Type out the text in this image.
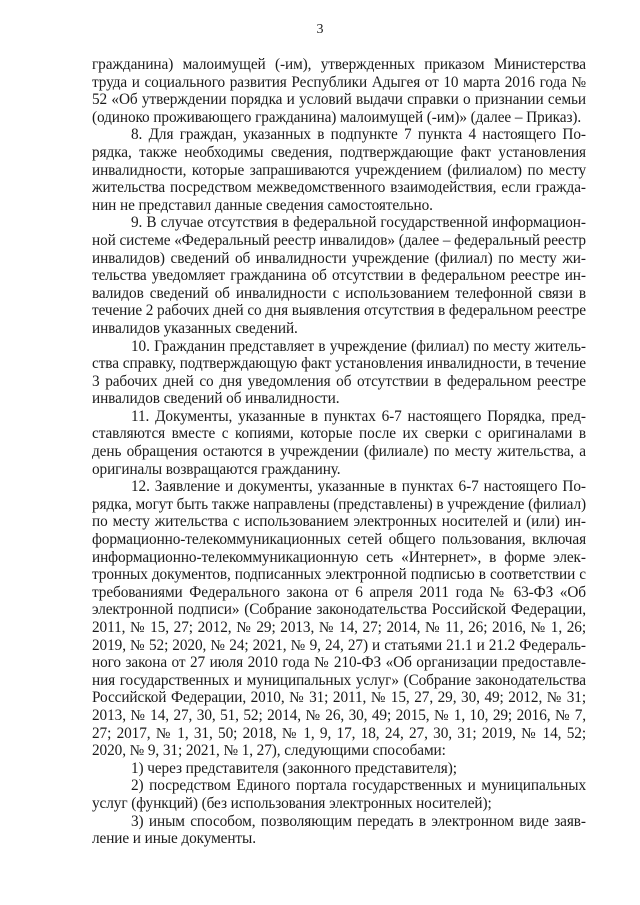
3

гражданина) малоимущей (-им), утвержденных приказом Министерства труда и социального развития Республики Адыгея от 10 марта 2016 года № 52 «Об утверждении порядка и условий выдачи справки о признании семьи (одиноко проживающего гражданина) малоимущей (-им)» (далее – Приказ).

8. Для граждан, указанных в подпункте 7 пункта 4 настоящего Порядка, также необходимы сведения, подтверждающие факт установления инвалидности, которые запрашиваются учреждением (филиалом) по месту жительства посредством межведомственного взаимодействия, если гражданин не представил данные сведения самостоятельно.

9. В случае отсутствия в федеральной государственной информационной системе «Федеральный реестр инвалидов» (далее – федеральный реестр инвалидов) сведений об инвалидности учреждение (филиал) по месту жительства уведомляет гражданина об отсутствии в федеральном реестре инвалидов сведений об инвалидности с использованием телефонной связи в течение 2 рабочих дней со дня выявления отсутствия в федеральном реестре инвалидов указанных сведений.

10. Гражданин представляет в учреждение (филиал) по месту жительства справку, подтверждающую факт установления инвалидности, в течение 3 рабочих дней со дня уведомления об отсутствии в федеральном реестре инвалидов сведений об инвалидности.

11. Документы, указанные в пунктах 6-7 настоящего Порядка, представляются вместе с копиями, которые после их сверки с оригиналами в день обращения остаются в учреждении (филиале) по месту жительства, а оригиналы возвращаются гражданину.

12. Заявление и документы, указанные в пунктах 6-7 настоящего Порядка, могут быть также направлены (представлены) в учреждение (филиал) по месту жительства с использованием электронных носителей и (или) информационно-телекоммуникационных сетей общего пользования, включая информационно-телекоммуникационную сеть «Интернет», в форме электронных документов, подписанных электронной подписью в соответствии с требованиями Федерального закона от 6 апреля 2011 года № 63-ФЗ «Об электронной подписи» (Собрание законодательства Российской Федерации, 2011, № 15, 27; 2012, № 29; 2013, № 14, 27; 2014, № 11, 26; 2016, № 1, 26; 2019, № 52; 2020, № 24; 2021, № 9, 24, 27) и статьями 21.1 и 21.2 Федерального закона от 27 июля 2010 года № 210-ФЗ «Об организации предоставления государственных и муниципальных услуг» (Собрание законодательства Российской Федерации, 2010, № 31; 2011, № 15, 27, 29, 30, 49; 2012, № 31; 2013, № 14, 27, 30, 51, 52; 2014, № 26, 30, 49; 2015, № 1, 10, 29; 2016, № 7, 27; 2017, № 1, 31, 50; 2018, № 1, 9, 17, 18, 24, 27, 30, 31; 2019, № 14, 52; 2020, № 9, 31; 2021, № 1, 27), следующими способами:

1) через представителя (законного представителя);

2) посредством Единого портала государственных и муниципальных услуг (функций) (без использования электронных носителей);

3) иным способом, позволяющим передать в электронном виде заявление и иные документы.
